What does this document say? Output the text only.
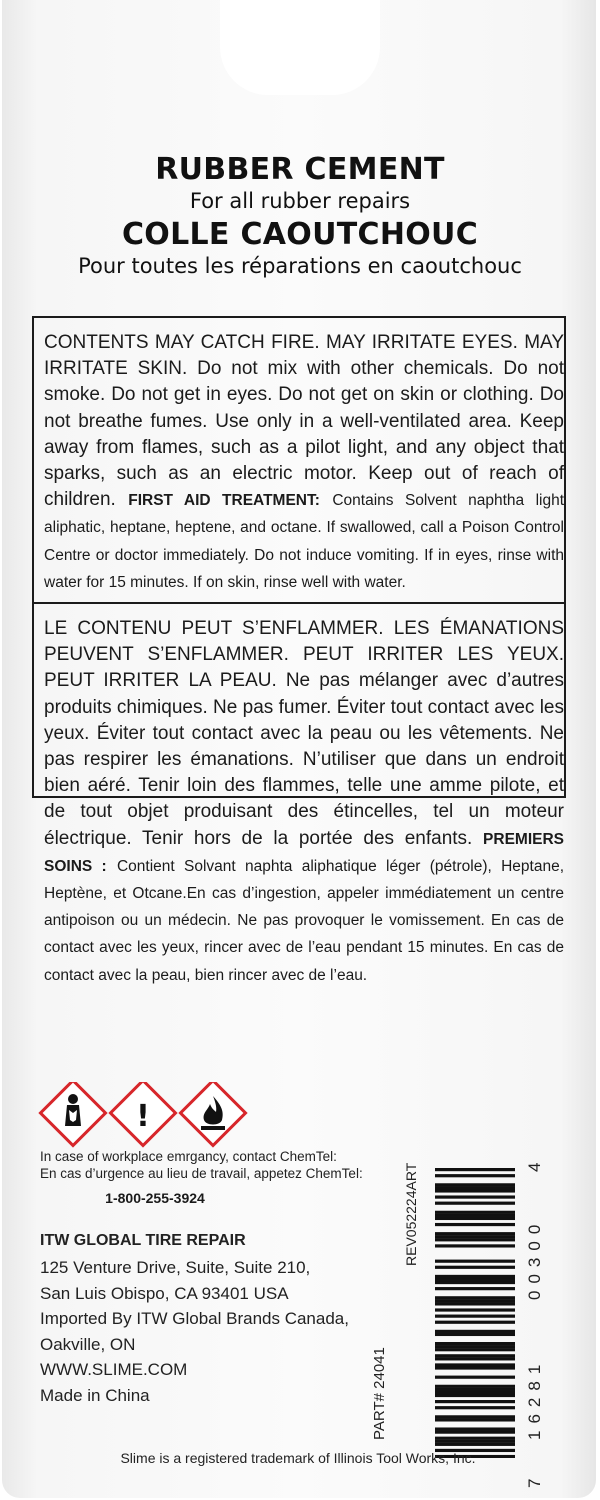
RUBBER CEMENT
For all rubber repairs
COLLE CAOUTCHOUC
Pour toutes les réparations en caoutchouc
CONTENTS MAY CATCH FIRE. MAY IRRITATE EYES. MAY IRRITATE SKIN. Do not mix with other chemicals. Do not smoke. Do not get in eyes. Do not get on skin or clothing. Do not breathe fumes. Use only in a well-ventilated area. Keep away from flames, such as a pilot light, and any object that sparks, such as an electric motor. Keep out of reach of children. FIRST AID TREATMENT: Contains Solvent naphtha light aliphatic, heptane, heptene, and octane. If swallowed, call a Poison Control Centre or doctor immediately. Do not induce vomiting. If in eyes, rinse with water for 15 minutes. If on skin, rinse well with water.
LE CONTENU PEUT S’ENFLAMMER. LES ÉMANATIONS PEUVENT S’ENFLAMMER. PEUT IRRITER LES YEUX. PEUT IRRITER LA PEAU. Ne pas mélanger avec d’autres produits chimiques. Ne pas fumer. Éviter tout contact avec les yeux. Éviter tout contact avec la peau ou les vêtements. Ne pas respirer les émanations. N’utiliser que dans un endroit bien aéré. Tenir loin des flammes, telle une amme pilote, et de tout objet produisant des étincelles, tel un moteur électrique. Tenir hors de la portée des enfants. PREMIERS SOINS : Contient Solvant naphta aliphatique léger (pétrole), Heptane, Heptène, et Otcane.En cas d’ingestion, appeler immédiatement un centre antipoison ou un médecin. Ne pas provoquer le vomissement. En cas de contact avec les yeux, rincer avec de l’eau pendant 15 minutes. En cas de contact avec la peau, bien rincer avec de l’eau.
!
In case of workplace emrgancy, contact ChemTel:
En cas d’urgence au lieu de travail, appetez ChemTel:
1-800-255-3924
ITW GLOBAL TIRE REPAIR
125 Venture Drive, Suite, Suite 210,
San Luis Obispo, CA 93401 USA
Imported By ITW Global Brands Canada,
Oakville, ON
WWW.SLIME.COM
Made in China	PART# 24041
REV052224ART
7
16281
00300
4
Slime is a registered trademark of Illinois Tool Works, Inc.
